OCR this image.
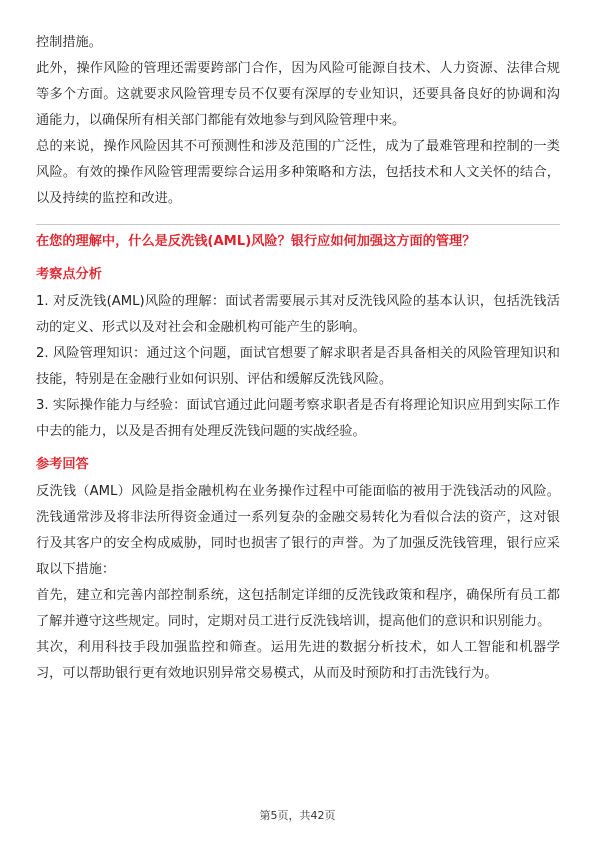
控制措施。

此外，操作风险的管理还需要跨部门合作，因为风险可能源自技术、人力资源、法律合规等多个方面。这就要求风险管理专员不仅要有深厚的专业知识，还要具备良好的协调和沟通能力，以确保所有相关部门都能有效地参与到风险管理中来。

总的来说，操作风险因其不可预测性和涉及范围的广泛性，成为了最难管理和控制的一类风险。有效的操作风险管理需要综合运用多种策略和方法，包括技术和人文关怀的结合，以及持续的监控和改进。

在您的理解中，什么是反洗钱(AML)风险？银行应如何加强这方面的管理？

考察点分析

1. 对反洗钱(AML)风险的理解：面试者需要展示其对反洗钱风险的基本认识，包括洗钱活动的定义、形式以及对社会和金融机构可能产生的影响。

2. 风险管理知识：通过这个问题，面试官想要了解求职者是否具备相关的风险管理知识和技能，特别是在金融行业如何识别、评估和缓解反洗钱风险。

3. 实际操作能力与经验：面试官通过此问题考察求职者是否有将理论知识应用到实际工作中去的能力，以及是否拥有处理反洗钱问题的实战经验。

参考回答

反洗钱（AML）风险是指金融机构在业务操作过程中可能面临的被用于洗钱活动的风险。洗钱通常涉及将非法所得资金通过一系列复杂的金融交易转化为看似合法的资产，这对银行及其客户的安全构成威胁，同时也损害了银行的声誉。为了加强反洗钱管理，银行应采取以下措施：

首先，建立和完善内部控制系统，这包括制定详细的反洗钱政策和程序，确保所有员工都了解并遵守这些规定。同时，定期对员工进行反洗钱培训，提高他们的意识和识别能力。

其次，利用科技手段加强监控和筛查。运用先进的数据分析技术，如人工智能和机器学习，可以帮助银行更有效地识别异常交易模式，从而及时预防和打击洗钱行为。

第5页，共42页
